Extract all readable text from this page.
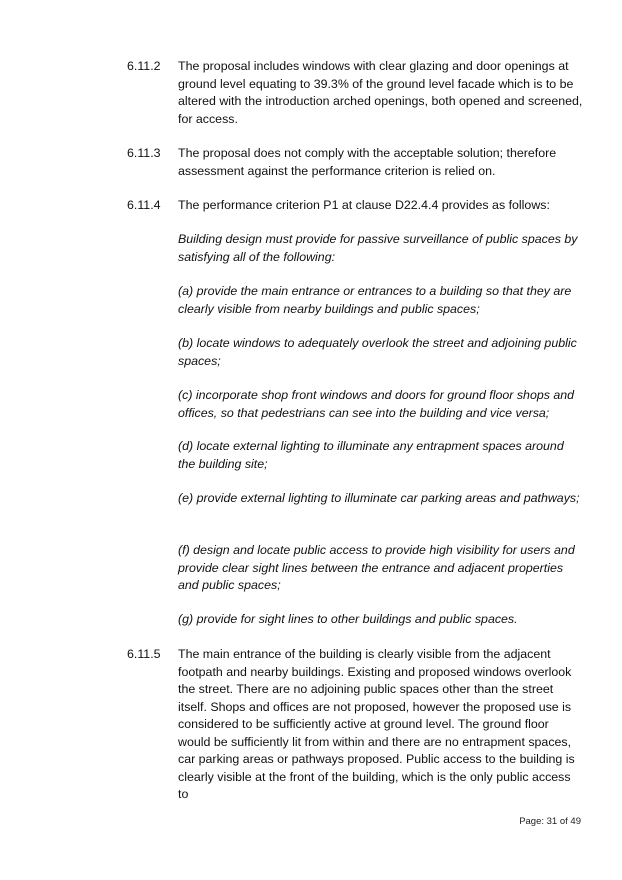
6.11.2 The proposal includes windows with clear glazing and door openings at ground level equating to 39.3% of the ground level facade which is to be altered with the introduction arched openings, both opened and screened, for access.
6.11.3 The proposal does not comply with the acceptable solution; therefore assessment against the performance criterion is relied on.
6.11.4 The performance criterion P1 at clause D22.4.4 provides as follows:
Building design must provide for passive surveillance of public spaces by satisfying all of the following:
(a) provide the main entrance or entrances to a building so that they are clearly visible from nearby buildings and public spaces;
(b) locate windows to adequately overlook the street and adjoining public spaces;
(c) incorporate shop front windows and doors for ground floor shops and offices, so that pedestrians can see into the building and vice versa;
(d) locate external lighting to illuminate any entrapment spaces around the building site;
(e) provide external lighting to illuminate car parking areas and pathways;
(f) design and locate public access to provide high visibility for users and provide clear sight lines between the entrance and adjacent properties and public spaces;
(g) provide for sight lines to other buildings and public spaces.
6.11.5 The main entrance of the building is clearly visible from the adjacent footpath and nearby buildings. Existing and proposed windows overlook the street. There are no adjoining public spaces other than the street itself. Shops and offices are not proposed, however the proposed use is considered to be sufficiently active at ground level. The ground floor would be sufficiently lit from within and there are no entrapment spaces, car parking areas or pathways proposed. Public access to the building is clearly visible at the front of the building, which is the only public access to
Page: 31 of 49
